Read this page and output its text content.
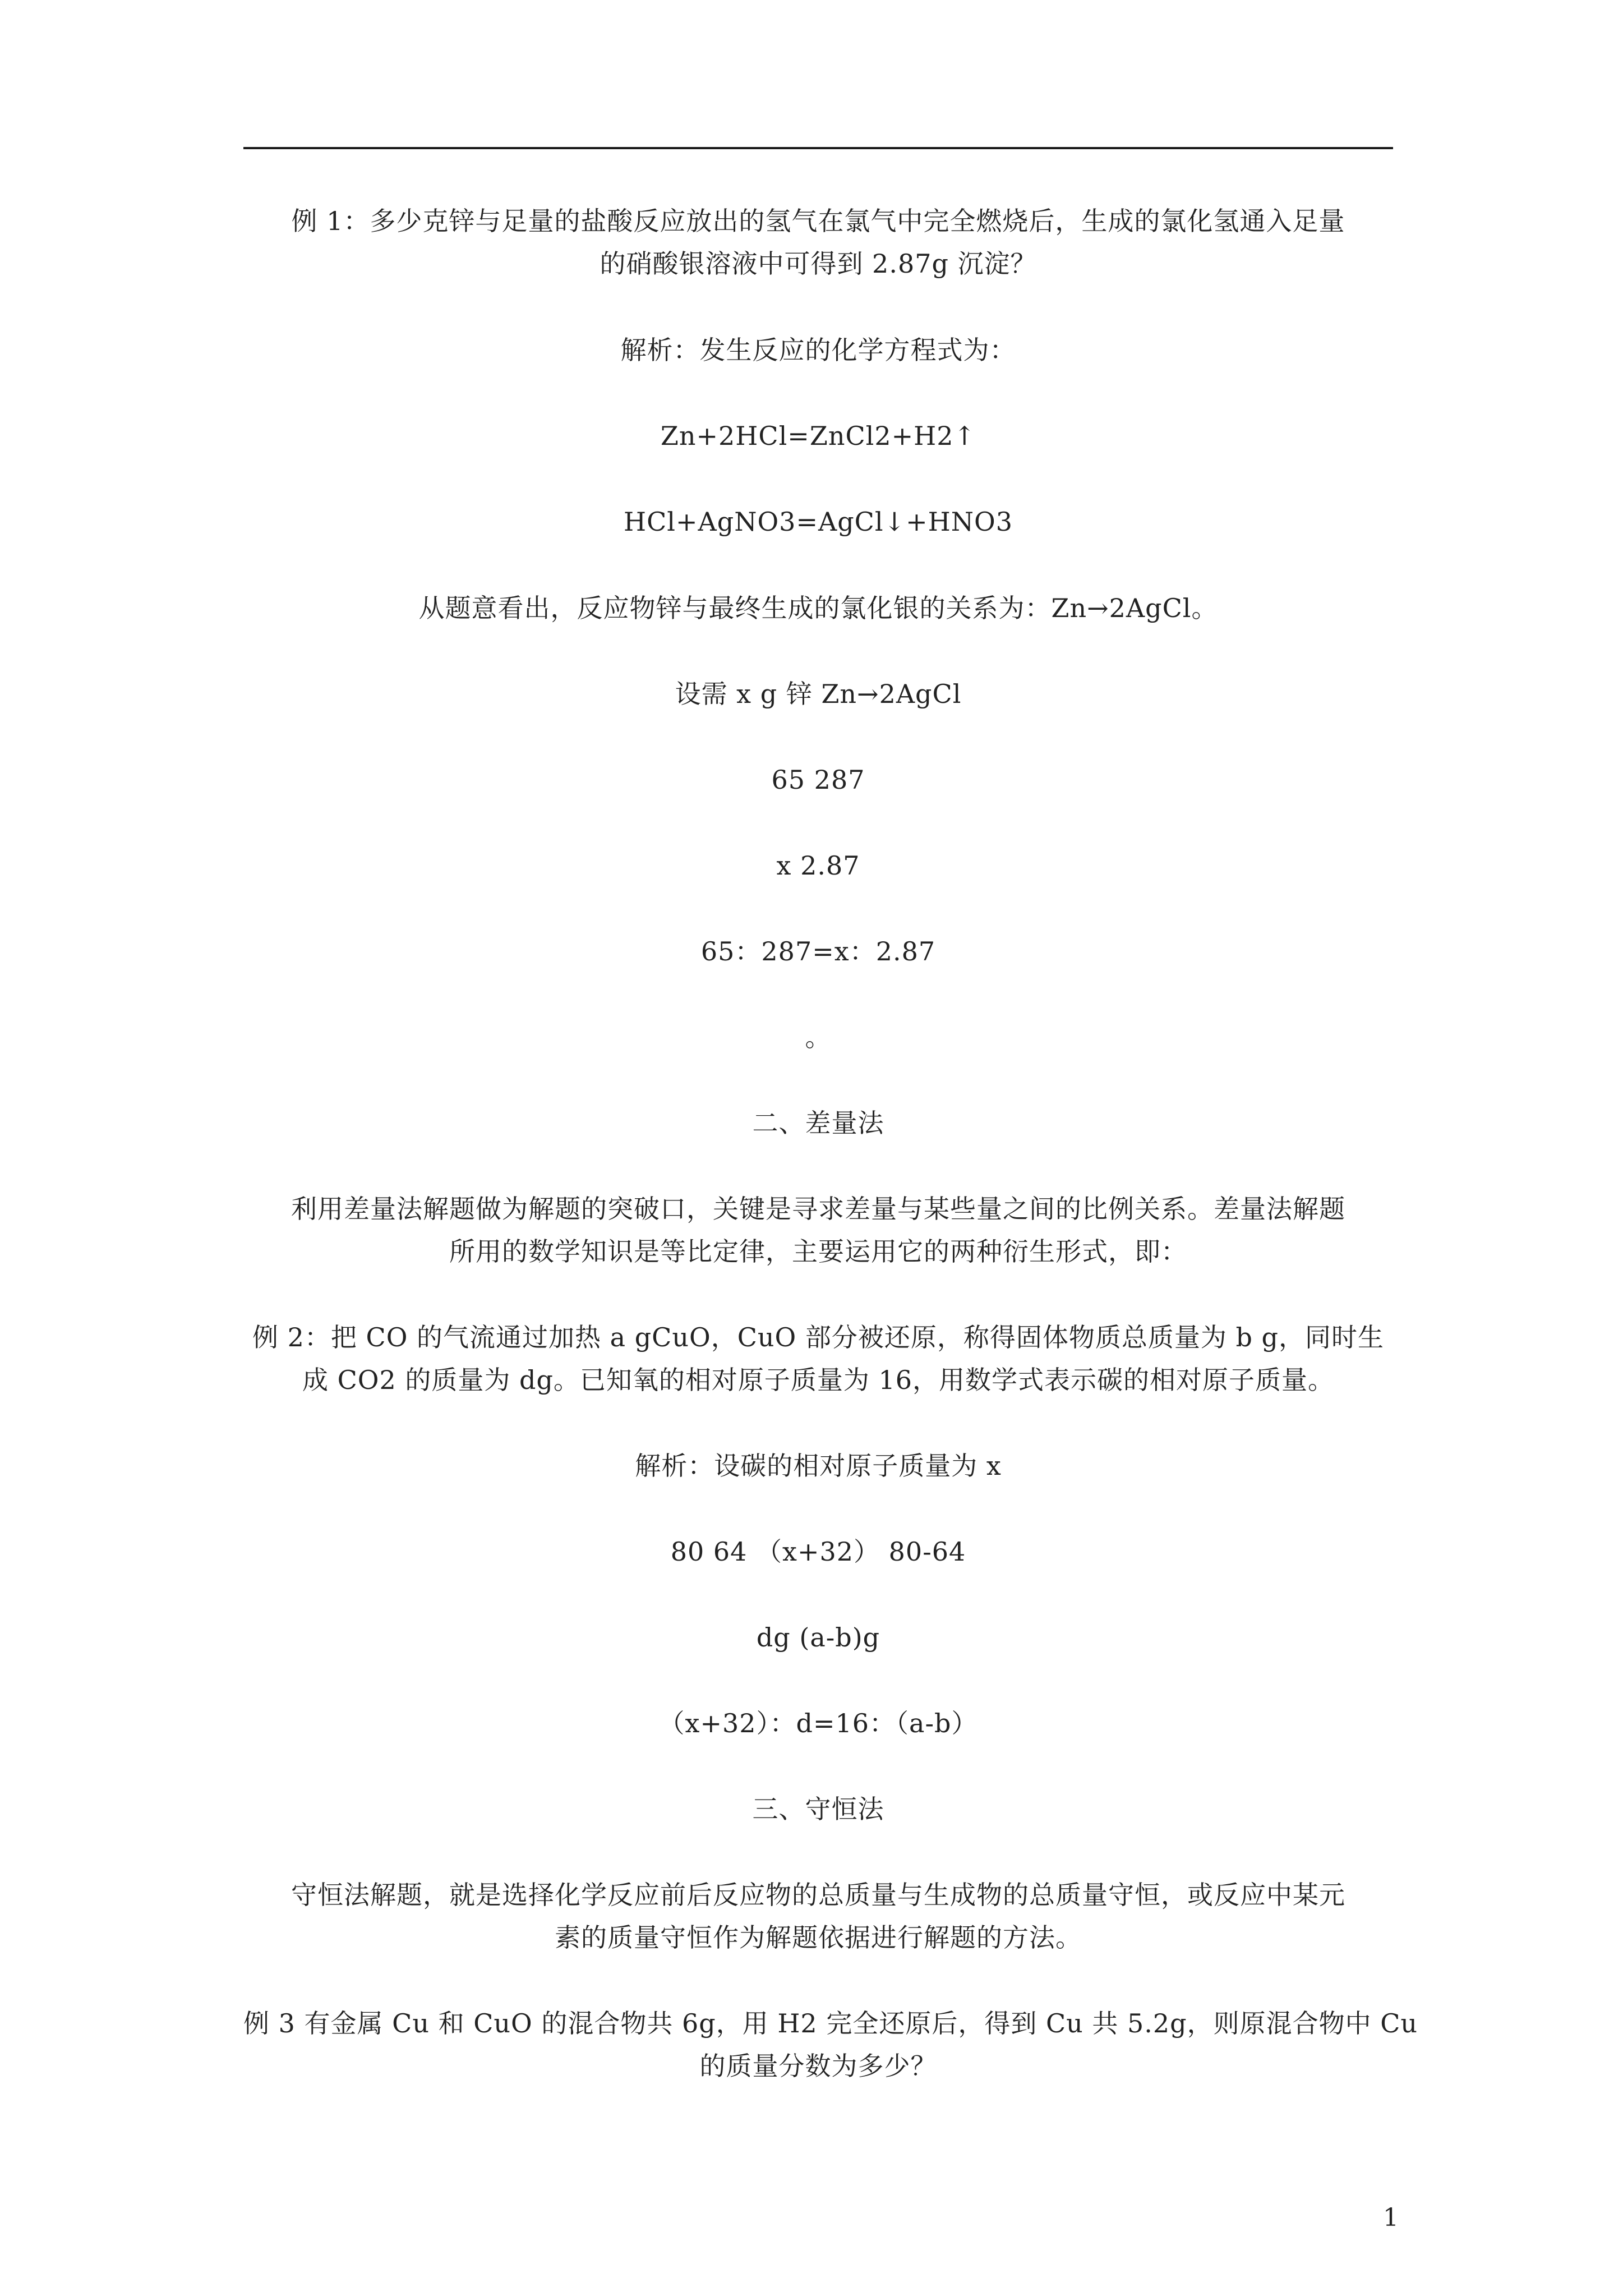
例 1：多少克锌与足量的盐酸反应放出的氢气在氯气中完全燃烧后，生成的氯化氢通入足量
的硝酸银溶液中可得到 2.87g 沉淀？
解析：发生反应的化学方程式为：
Zn+2HCl=ZnCl2+H2↑
HCl+AgNO3=AgCl↓+HNO3
从题意看出，反应物锌与最终生成的氯化银的关系为：Zn→2AgCl。
设需 x g 锌 Zn→2AgCl
65 287
x 2.87
65：287=x：2.87
。
二、差量法
利用差量法解题做为解题的突破口，关键是寻求差量与某些量之间的比例关系。差量法解题
所用的数学知识是等比定律，主要运用它的两种衍生形式，即：
例 2：把 CO 的气流通过加热 a gCuO，CuO 部分被还原，称得固体物质总质量为 b g，同时生
成 CO2 的质量为 dg。已知氧的相对原子质量为 16，用数学式表示碳的相对原子质量。
解析：设碳的相对原子质量为 x
80 64 （x+32） 80-64
dg (a-b)g
（x+32）：d=16：（a-b）
三、守恒法
守恒法解题，就是选择化学反应前后反应物的总质量与生成物的总质量守恒，或反应中某元
素的质量守恒作为解题依据进行解题的方法。
例 3 有金属 Cu 和 CuO 的混合物共 6g，用 H2 完全还原后，得到 Cu 共 5.2g，则原混合物中 Cu
的质量分数为多少？
1
